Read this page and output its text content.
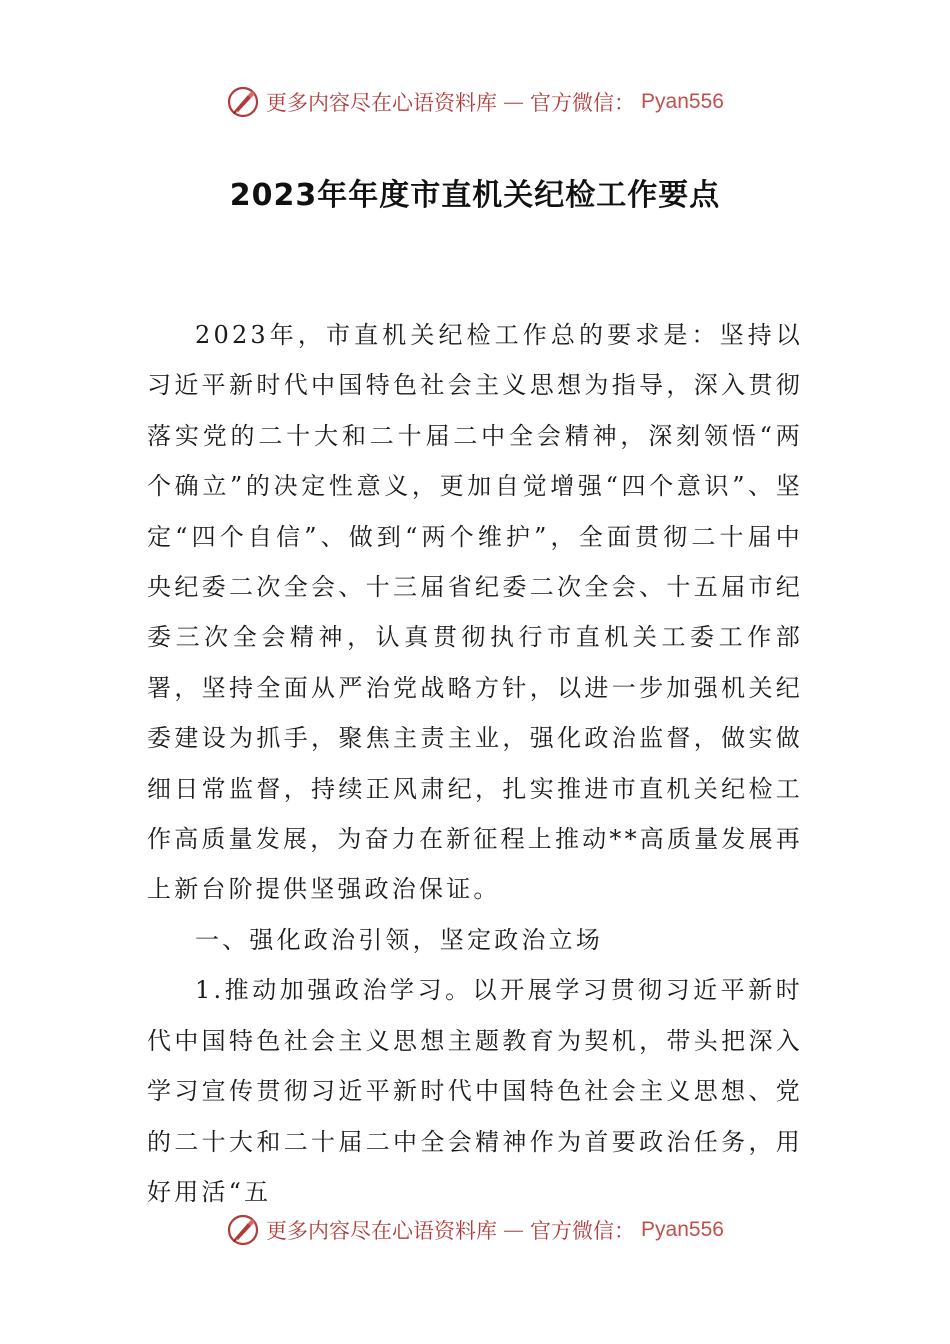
更多内容尽在心语资料库 — 官方微信： Pyan556
2023年年度市直机关纪检工作要点

2023年，市直机关纪检工作总的要求是：坚持以习近平新时代中国特色社会主义思想为指导，深入贯彻落实党的二十大和二十届二中全会精神，深刻领悟“两个确立”的决定性意义，更加自觉增强“四个意识”、坚定“四个自信”、做到“两个维护”，全面贯彻二十届中央纪委二次全会、十三届省纪委二次全会、十五届市纪委三次全会精神，认真贯彻执行市直机关工委工作部署，坚持全面从严治党战略方针，以进一步加强机关纪委建设为抓手，聚焦主责主业，强化政治监督，做实做细日常监督，持续正风肃纪，扎实推进市直机关纪检工作高质量发展，为奋力在新征程上推动**高质量发展再上新台阶提供坚强政治保证。

一、强化政治引领，坚定政治立场

1.推动加强政治学习。以开展学习贯彻习近平新时代中国特色社会主义思想主题教育为契机，带头把深入学习宣传贯彻习近平新时代中国特色社会主义思想、党的二十大和二十届二中全会精神作为首要政治任务，用好用活“五

更多内容尽在心语资料库 — 官方微信： Pyan556
